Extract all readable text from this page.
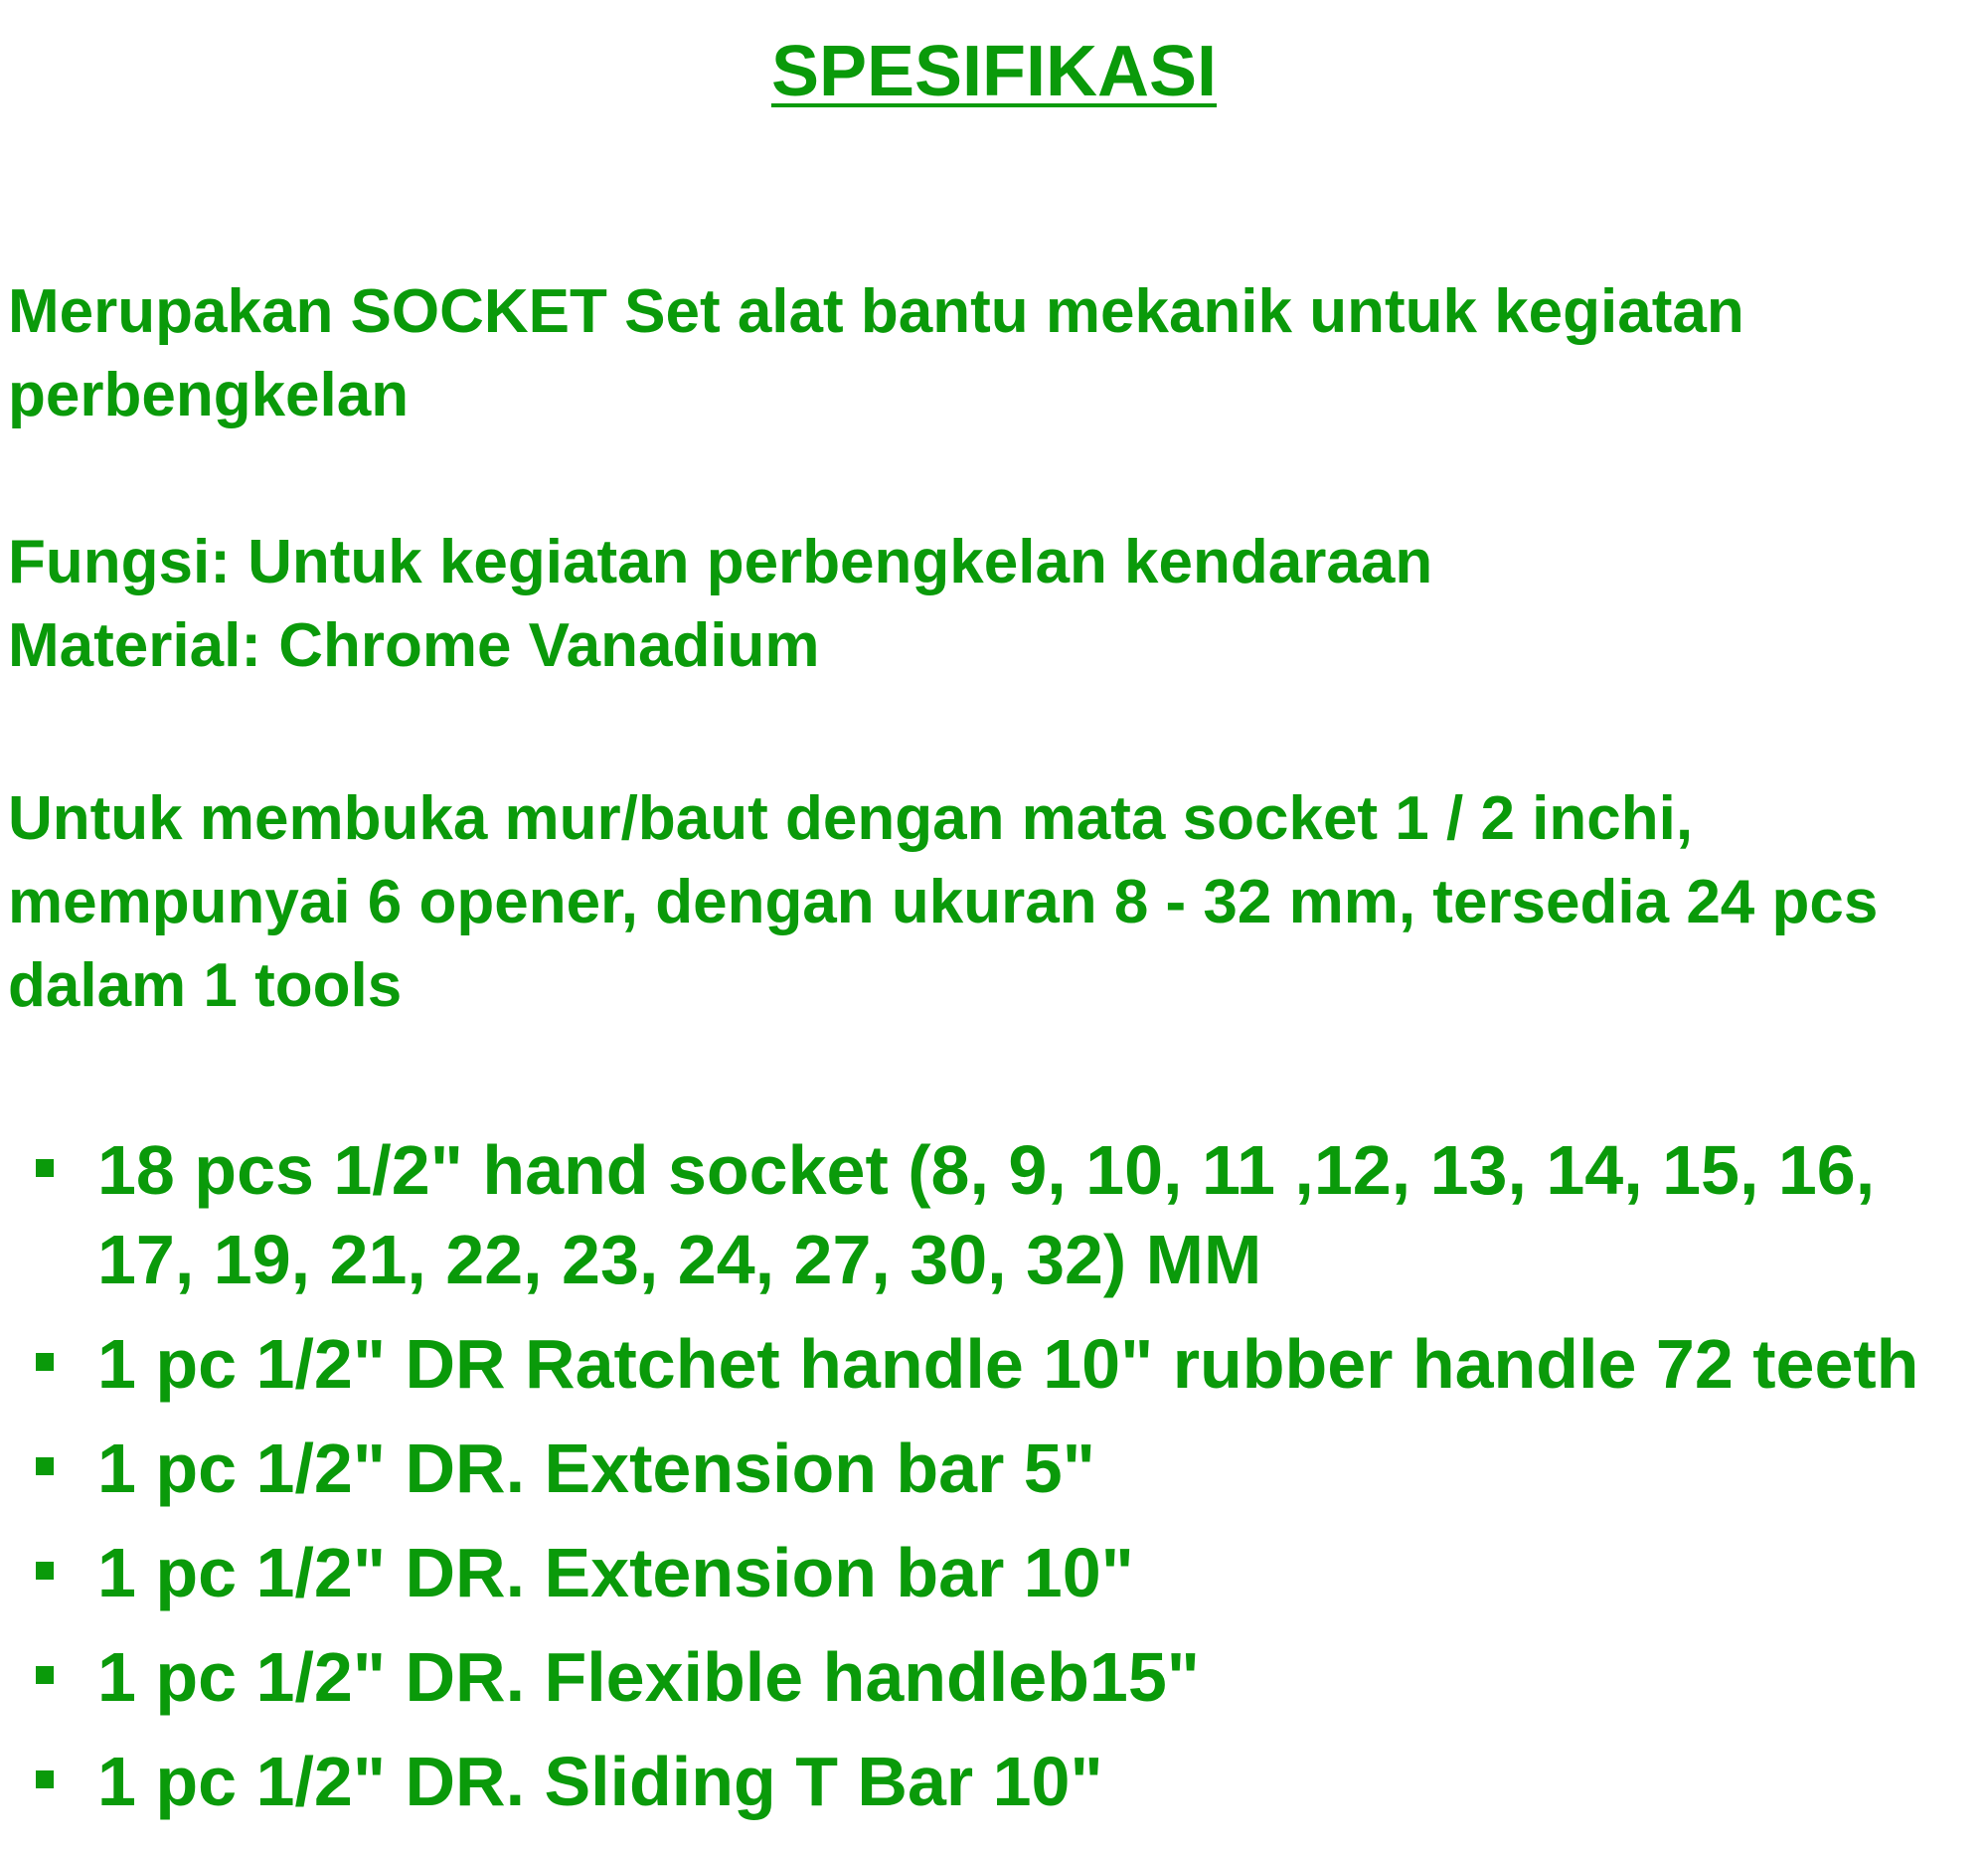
SPESIFIKASI

Merupakan SOCKET Set alat bantu mekanik untuk kegiatan perbengkelan

Fungsi: Untuk kegiatan perbengkelan kendaraan

Material: Chrome Vanadium

Untuk membuka mur/baut dengan mata socket 1 / 2 inchi, mempunyai 6 opener, dengan ukuran 8 - 32 mm, tersedia 24 pcs dalam 1 tools

18 pcs 1/2" hand socket (8, 9, 10, 11 ,12, 13, 14, 15, 16, 17, 19, 21, 22, 23, 24, 27, 30, 32) MM
1 pc 1/2" DR Ratchet handle 10" rubber handle 72 teeth
1 pc 1/2" DR. Extension bar 5"
1 pc 1/2" DR. Extension bar 10"
1 pc 1/2" DR. Flexible handleb15"
1 pc 1/2" DR. Sliding T Bar 10"
